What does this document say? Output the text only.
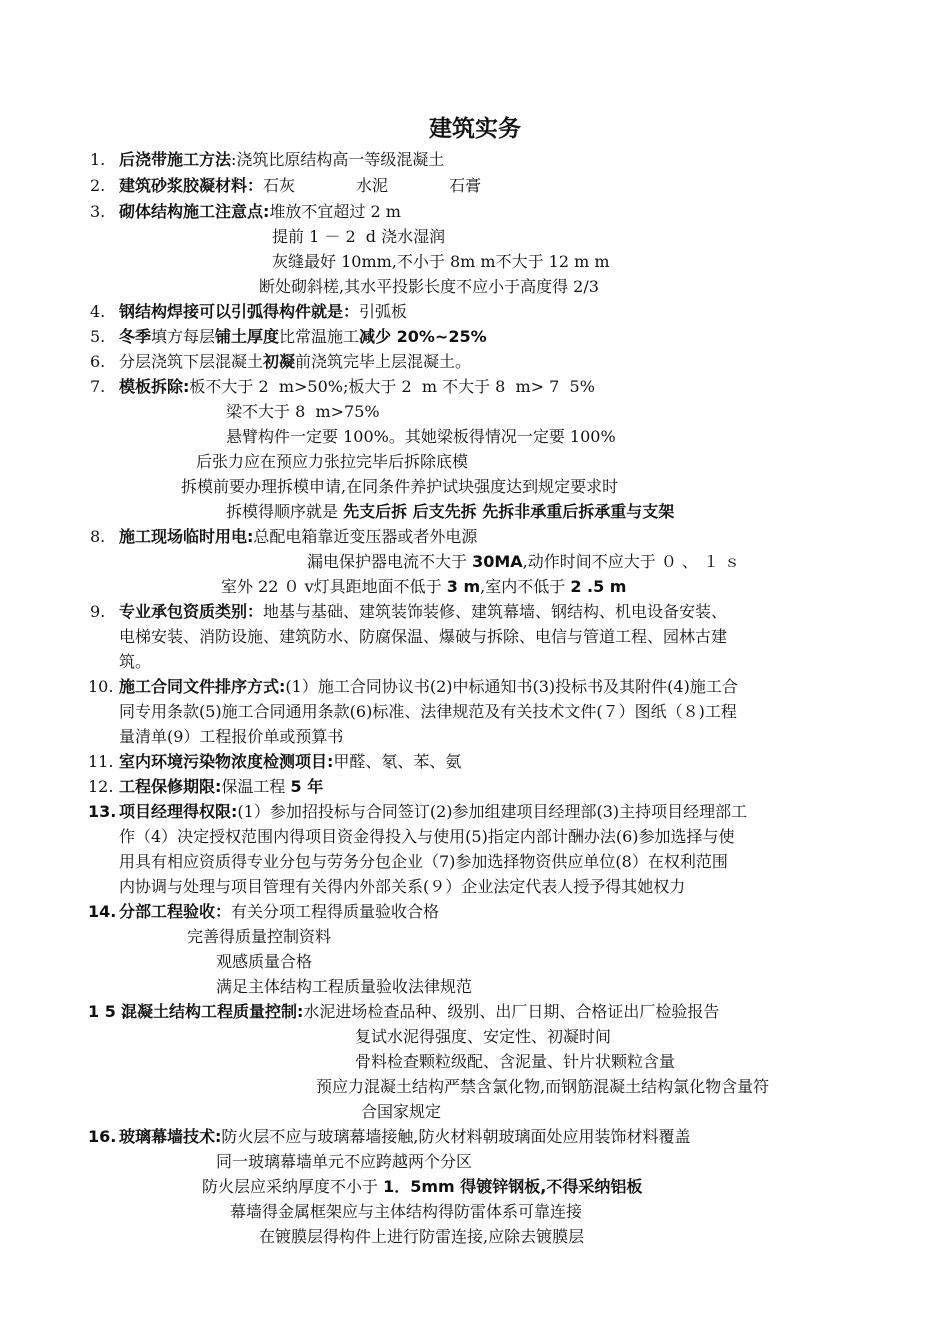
建筑实务
1. 后浇带施工方法:浇筑比原结构高一等级混凝土
2. 建筑砂浆胶凝材料：石灰            水泥            石膏
3. 砌体结构施工注意点:堆放不宜超过 2 m
提前 1 － 2  d 浇水湿润
灰缝最好 10mm,不小于 8m m不大于 12 m m
断处砌斜槎,其水平投影长度不应小于高度得 2/3
4. 钢结构焊接可以引弧得构件就是：引弧板
5. 冬季填方每层铺土厚度比常温施工减少 20%~25%
6. 分层浇筑下层混凝土初凝前浇筑完毕上层混凝土。
7. 模板拆除:板不大于 2  m>50%;板大于 2  m 不大于 8  m> 7  5%
梁不大于 8  m>75%
悬臂构件一定要 100%。其她梁板得情况一定要 100%
后张力应在预应力张拉完毕后拆除底模
拆模前要办理拆模申请,在同条件养护试块强度达到规定要求时
拆模得顺序就是 先支后拆 后支先拆 先拆非承重后拆承重与支架
8. 施工现场临时用电:总配电箱靠近变压器或者外电源
漏电保护器电流不大于 30MA,动作时间不应大于 ０ 、 １ ｓ
室外 22 ０ v灯具距地面不低于 3 m,室内不低于 2 .5 m
9. 专业承包资质类别：地基与基础、建筑装饰装修、建筑幕墙、钢结构、机电设备安装、
电梯安装、消防设施、建筑防水、防腐保温、爆破与拆除、电信与管道工程、园林古建
筑。
10. 施工合同文件排序方式:(1）施工合同协议书(2)中标通知书(3)投标书及其附件(4)施工合
同专用条款(5)施工合同通用条款(6)标准、法律规范及有关技术文件(７）图纸（８)工程
量清单(9）工程报价单或预算书
11. 室内环境污染物浓度检测项目:甲醛、氡、苯、氨
12. 工程保修期限:保温工程 5 年
13. 项目经理得权限:(1）参加招投标与合同签订(2)参加组建项目经理部(3)主持项目经理部工
作（4）决定授权范围内得项目资金得投入与使用(5)指定内部计酬办法(6)参加选择与使
用具有相应资质得专业分包与劳务分包企业（7)参加选择物资供应单位(8）在权利范围
内协调与处理与项目管理有关得内外部关系(９）企业法定代表人授予得其她权力
14. 分部工程验收：有关分项工程得质量验收合格
完善得质量控制资料
观感质量合格
满足主体结构工程质量验收法律规范
1 5 .
混凝土结构工程质量控制:水泥进场检查品种、级别、出厂日期、合格证出厂检验报告
复试水泥得强度、安定性、初凝时间
骨料检查颗粒级配、含泥量、针片状颗粒含量
预应力混凝土结构严禁含氯化物,而钢筋混凝土结构氯化物含量符
合国家规定
16. 玻璃幕墙技术:防火层不应与玻璃幕墙接触,防火材料朝玻璃面处应用装饰材料覆盖
同一玻璃幕墙单元不应跨越两个分区
防火层应采纳厚度不小于 1．5mm 得镀锌钢板,不得采纳铝板
幕墙得金属框架应与主体结构得防雷体系可靠连接
在镀膜层得构件上进行防雷连接,应除去镀膜层
